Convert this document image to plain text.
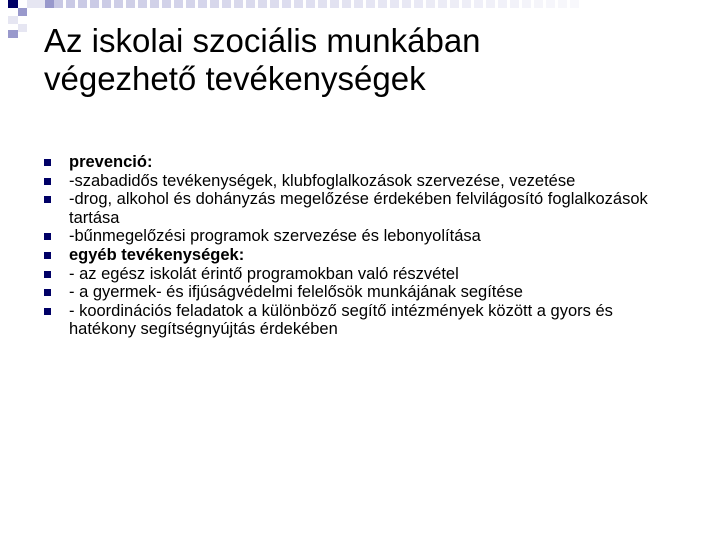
Az iskolai szociális munkában
végezhető tevékenységek
prevenció:
-szabadidős tevékenységek, klubfoglalkozások szervezése, vezetése
-drog, alkohol és dohányzás megelőzése érdekében felvilágosító foglalkozások tartása
-bűnmegelőzési programok szervezése és lebonyolítása
egyéb tevékenységek:
- az egész iskolát érintő programokban való részvétel
- a gyermek- és ifjúságvédelmi felelősök munkájának segítése
- koordinációs feladatok a különböző segítő intézmények között a gyors és hatékony segítségnyújtás érdekében
